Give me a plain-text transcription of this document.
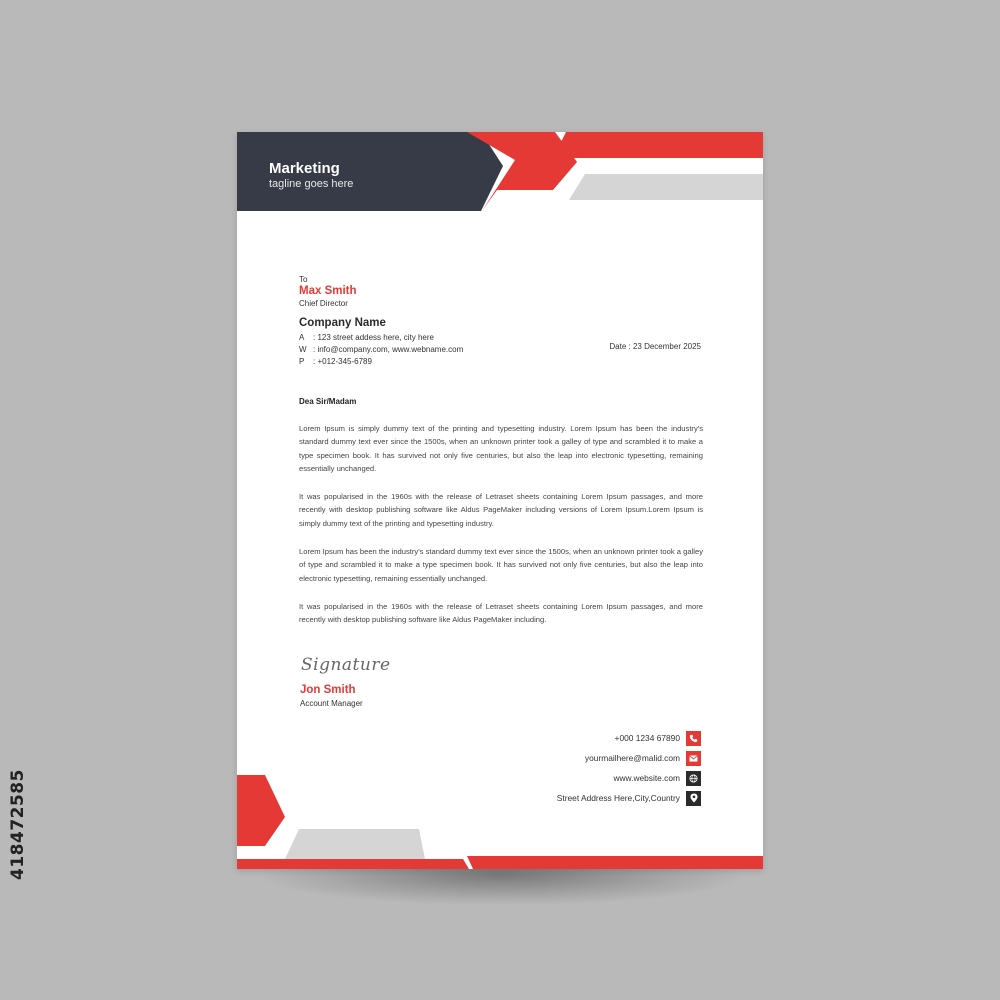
418472585
Marketing
tagline goes here
To
Max Smith
Chief Director
Company Name
A : 123 street addess here, city here
W : info@company.com, www.webname.com
P : +012-345-6789
Date : 23 December 2025
Dea Sir/Madam
Lorem Ipsum is simply dummy text of the printing and typesetting industry. Lorem Ipsum has been the industry's standard dummy text ever since the 1500s, when an unknown printer took a galley of type and scrambled it to make a type specimen book. It has survived not only five centuries, but also the leap into electronic typesetting, remaining essentially unchanged.
It was popularised in the 1960s with the release of Letraset sheets containing Lorem Ipsum passages, and more recently with desktop publishing software like Aldus PageMaker including versions of Lorem Ipsum.Lorem Ipsum is simply dummy text of the printing and typesetting industry.
Lorem Ipsum has been the industry's standard dummy text ever since the 1500s, when an unknown printer took a galley of type and scrambled it to make a type specimen book. It has survived not only five centuries, but also the leap into electronic typesetting, remaining essentially unchanged.
It was popularised in the 1960s with the release of Letraset sheets containing Lorem Ipsum passages, and more recently with desktop publishing software like Aldus PageMaker including.
Signature
Jon Smith
Account Manager
+000 1234 67890
yourmailhere@malid.com
www.website.com
Street Address Here,City,Country
